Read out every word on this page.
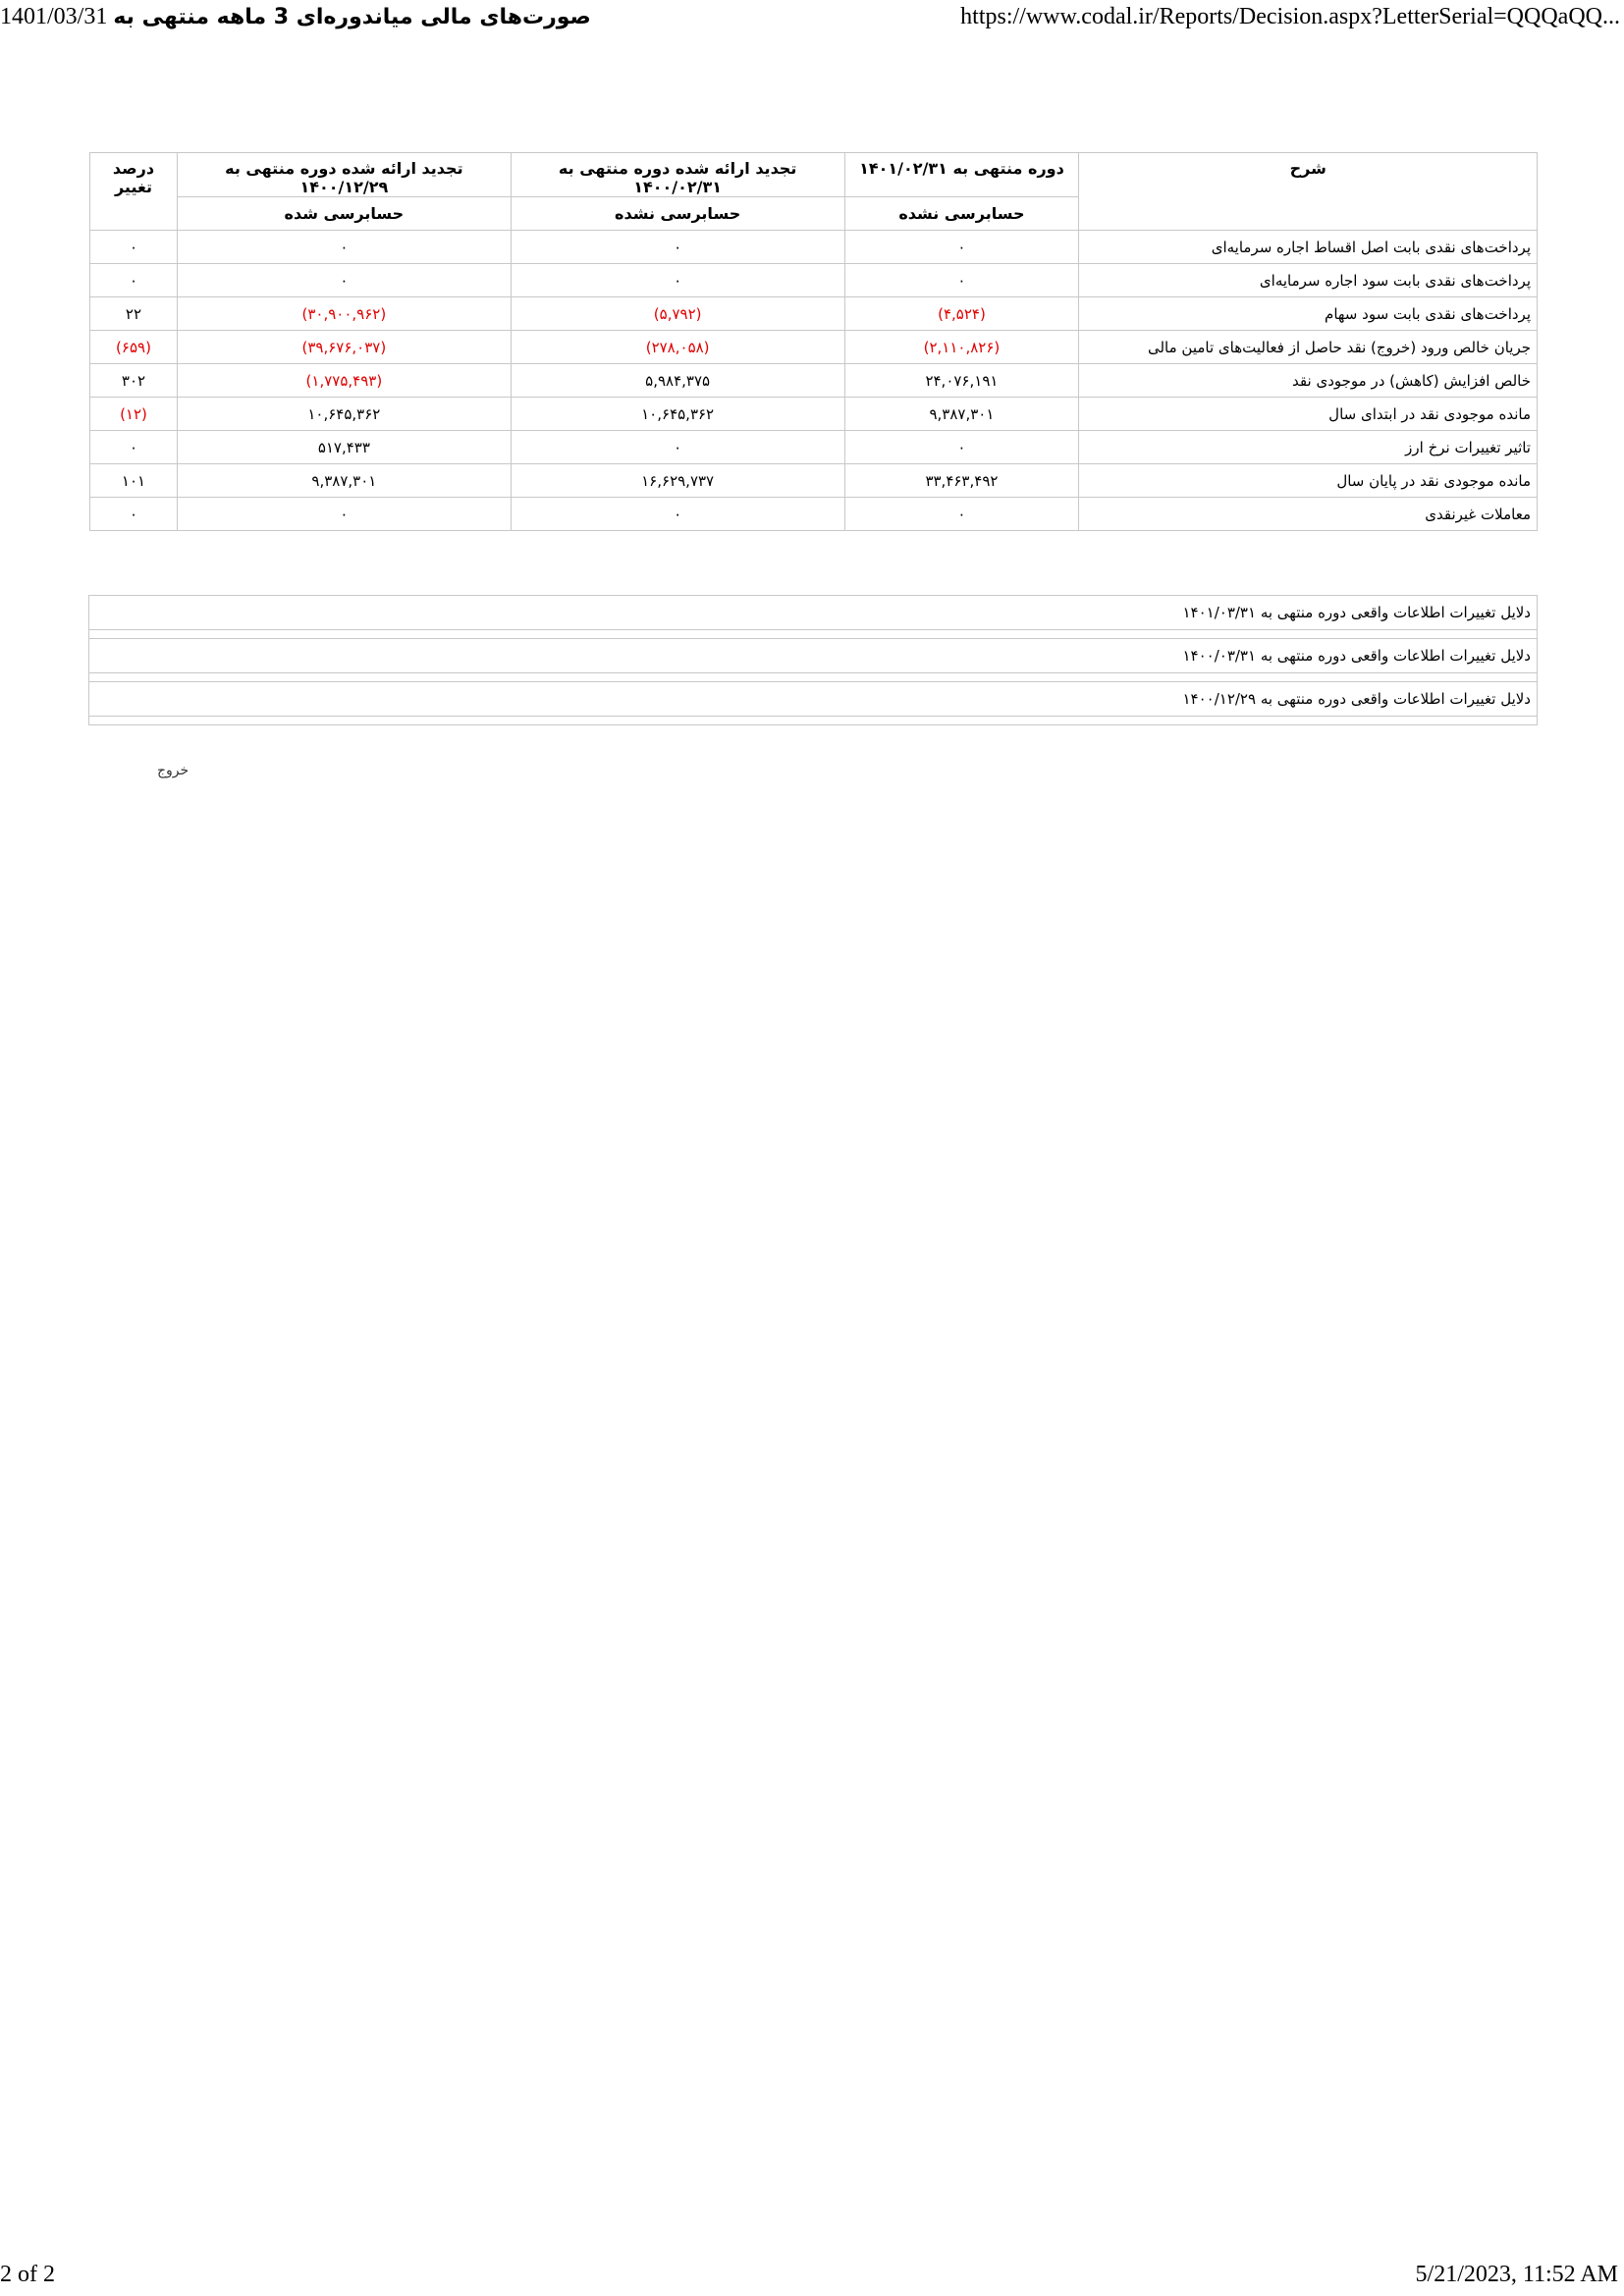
1401/03/31 صورت‌های مالی میاندوره‌ای 3 ماهه منتهی به	https://www.codal.ir/Reports/Decision.aspx?LetterSerial=QQQaQQ...
شرح	دوره منتهی به ۱۴۰۱/۰۲/۳۱	تجدید ارائه شده دوره منتهی به ۱۴۰۰/۰۲/۳۱	تجدید ارائه شده دوره منتهی به ۱۴۰۰/۱۲/۲۹	درصد تغییر
	حسابرسی نشده	حسابرسی نشده	حسابرسی شده	
پرداخت‌های نقدی بابت اصل اقساط اجاره سرمایه‌ای	۰	۰	۰	۰
پرداخت‌های نقدی بابت سود اجاره سرمایه‌ای	۰	۰	۰	۰
پرداخت‌های نقدی بابت سود سهام	(۴,۵۲۴)	(۵,۷۹۲)	(۳۰,۹۰۰,۹۶۲)	۲۲
جریان خالص ورود (خروج) نقد حاصل از فعالیت‌های تامین مالی	(۲,۱۱۰,۸۲۶)	(۲۷۸,۰۵۸)	(۳۹,۶۷۶,۰۳۷)	(۶۵۹)
خالص افزایش (کاهش) در موجودی نقد	۲۴,۰۷۶,۱۹۱	۵,۹۸۴,۳۷۵	(۱,۷۷۵,۴۹۳)	۳۰۲
مانده موجودی نقد در ابتدای سال	۹,۳۸۷,۳۰۱	۱۰,۶۴۵,۳۶۲	۱۰,۶۴۵,۳۶۲	(۱۲)
تاثیر تغییرات نرخ ارز	۰	۰	۵۱۷,۴۳۳	۰
مانده موجودی نقد در پایان سال	۳۳,۴۶۳,۴۹۲	۱۶,۶۲۹,۷۳۷	۹,۳۸۷,۳۰۱	۱۰۱
معاملات غیرنقدی	۰	۰	۰	۰
دلایل تغییرات اطلاعات واقعی دوره منتهی به ۱۴۰۱/۰۳/۳۱
دلایل تغییرات اطلاعات واقعی دوره منتهی به ۱۴۰۰/۰۳/۳۱
دلایل تغییرات اطلاعات واقعی دوره منتهی به ۱۴۰۰/۱۲/۲۹
خروج
2 of 2	5/21/2023, 11:52 AM
